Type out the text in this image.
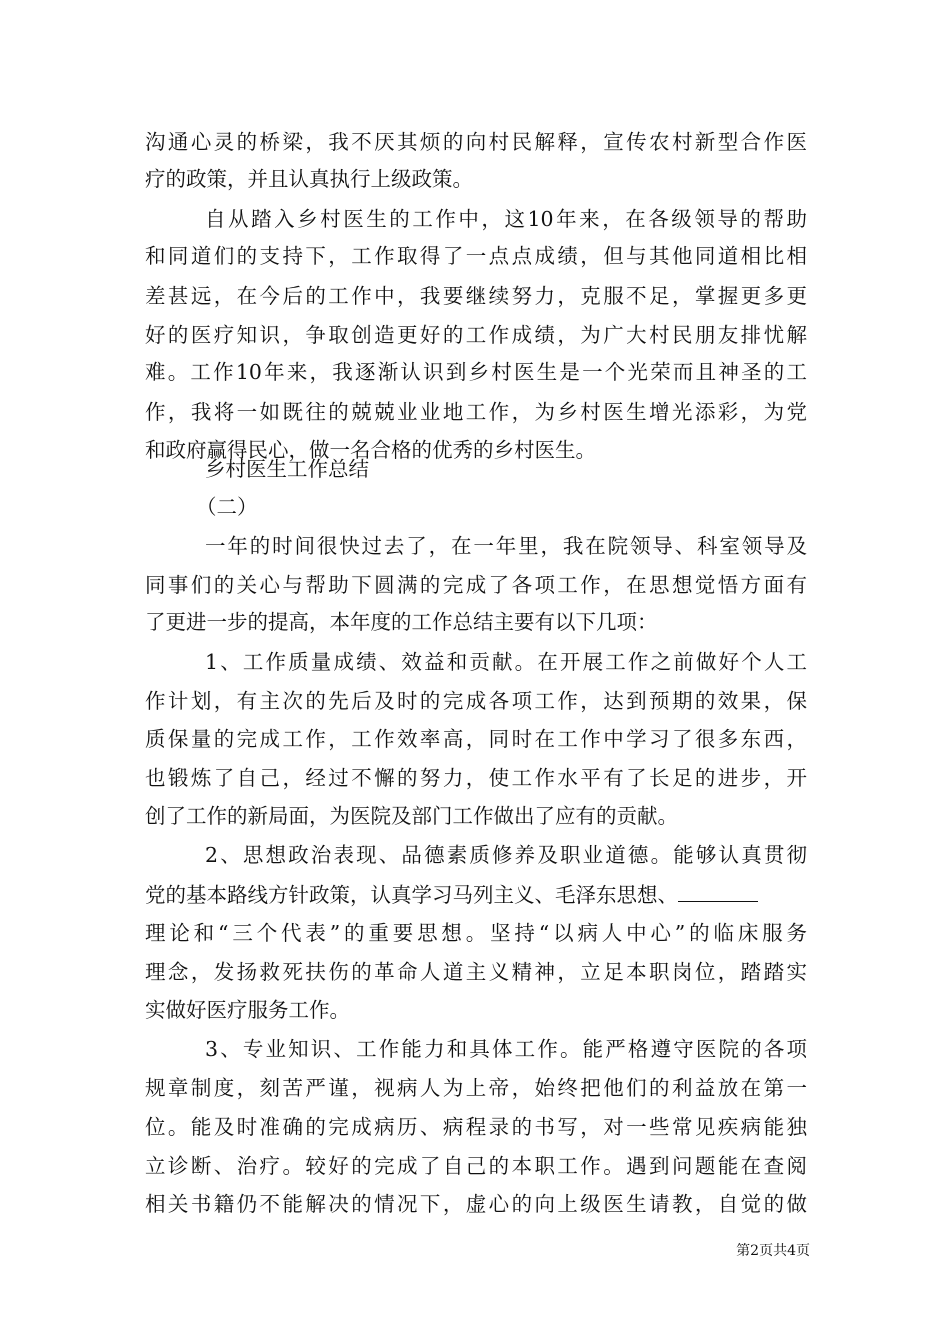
沟通心灵的桥梁，我不厌其烦的向村民解释，宣传农村新型合作医
疗的政策，并且认真执行上级政策。
自从踏入乡村医生的工作中，这10年来，在各级领导的帮助
和同道们的支持下，工作取得了一点点成绩，但与其他同道相比相
差甚远，在今后的工作中，我要继续努力，克服不足，掌握更多更
好的医疗知识，争取创造更好的工作成绩，为广大村民朋友排忧解
难。工作10年来，我逐渐认识到乡村医生是一个光荣而且神圣的工
作，我将一如既往的兢兢业业地工作，为乡村医生增光添彩，为党
和政府赢得民心，做一名合格的优秀的乡村医生。
乡村医生工作总结
（二）
一年的时间很快过去了，在一年里，我在院领导、科室领导及
同事们的关心与帮助下圆满的完成了各项工作，在思想觉悟方面有
了更进一步的提高，本年度的工作总结主要有以下几项：
1、工作质量成绩、效益和贡献。在开展工作之前做好个人工
作计划，有主次的先后及时的完成各项工作，达到预期的效果，保
质保量的完成工作，工作效率高，同时在工作中学习了很多东西，
也锻炼了自己，经过不懈的努力，使工作水平有了长足的进步，开
创了工作的新局面，为医院及部门工作做出了应有的贡献。
2、思想政治表现、品德素质修养及职业道德。能够认真贯彻
党的基本路线方针政策，认真学习马列主义、毛泽东思想、
理论和“三个代表”的重要思想。坚持“以病人中心”的临床服务
理念，发扬救死扶伤的革命人道主义精神，立足本职岗位，踏踏实
实做好医疗服务工作。
3、专业知识、工作能力和具体工作。能严格遵守医院的各项
规章制度，刻苦严谨，视病人为上帝，始终把他们的利益放在第一
位。能及时准确的完成病历、病程录的书写，对一些常见疾病能独
立诊断、治疗。较好的完成了自己的本职工作。遇到问题能在查阅
相关书籍仍不能解决的情况下，虚心的向上级医生请教，自觉的做
第2页共4页
